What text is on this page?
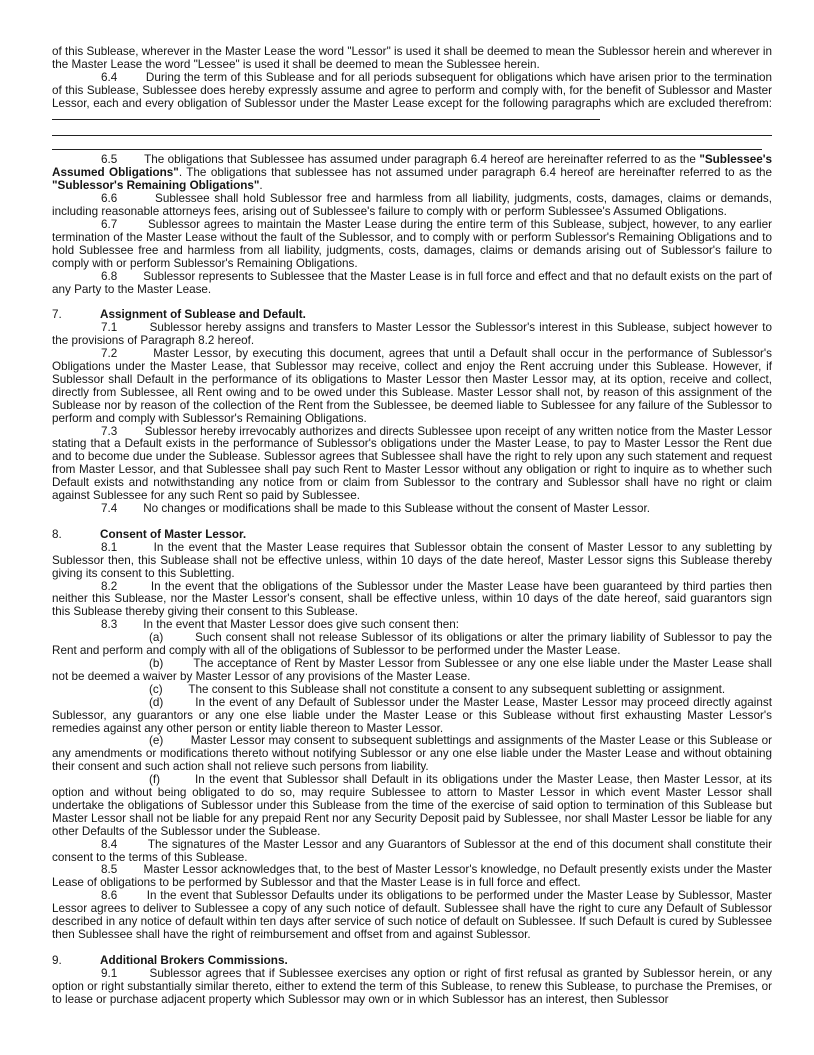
of this Sublease, wherever in the Master Lease the word "Lessor" is used it shall be deemed to mean the Sublessor herein and wherever in the Master Lease the word "Lessee" is used it shall be deemed to mean the Sublessee herein.

6.4 During the term of this Sublease and for all periods subsequent for obligations which have arisen prior to the termination of this Sublease, Sublessee does hereby expressly assume and agree to perform and comply with, for the benefit of Sublessor and Master Lessor, each and every obligation of Sublessor under the Master Lease except for the following paragraphs which are excluded therefrom:

6.5 The obligations that Sublessee has assumed under paragraph 6.4 hereof are hereinafter referred to as the "Sublessee's Assumed Obligations". The obligations that sublessee has not assumed under paragraph 6.4 hereof are hereinafter referred to as the "Sublessor's Remaining Obligations".

6.6	Sublessee shall hold Sublessor free and harmless from all liability, judgments, costs, damages, claims or demands, including reasonable attorneys fees, arising out of Sublessee's failure to comply with or perform Sublessee's Assumed Obligations.

6.7	Sublessor agrees to maintain the Master Lease during the entire term of this Sublease, subject, however, to any earlier termination of the Master Lease without the fault of the Sublessor, and to comply with or perform Sublessor's Remaining Obligations and to hold Sublessee free and harmless from all liability, judgments, costs, damages, claims or demands arising out of Sublessor's failure to comply with or perform Sublessor's Remaining Obligations.

6.8 Sublessor represents to Sublessee that the Master Lease is in full force and effect and that no default exists on the part of any Party to the Master Lease.

7.	Assignment of Sublease and Default.

7.1	Sublessor hereby assigns and transfers to Master Lessor the Sublessor's interest in this Sublease, subject however to the provisions of Paragraph 8.2 hereof.

7.2	Master Lessor, by executing this document, agrees that until a Default shall occur in the performance of Sublessor's Obligations under the Master Lease, that Sublessor may receive, collect and enjoy the Rent accruing under this Sublease. However, if Sublessor shall Default in the performance of its obligations to Master Lessor then Master Lessor may, at its option, receive and collect, directly from Sublessee, all Rent owing and to be owed under this Sublease. Master Lessor shall not, by reason of this assignment of the Sublease nor by reason of the collection of the Rent from the Sublessee, be deemed liable to Sublessee for any failure of the Sublessor to perform and comply with Sublessor's Remaining Obligations.

7.3 Sublessor hereby irrevocably authorizes and directs Sublessee upon receipt of any written notice from the Master Lessor stating that a Default exists in the performance of Sublessor's obligations under the Master Lease, to pay to Master Lessor the Rent due and to become due under the Sublease. Sublessor agrees that Sublessee shall have the right to rely upon any such statement and request from Master Lessor, and that Sublessee shall pay such Rent to Master Lessor without any obligation or right to inquire as to whether such Default exists and notwithstanding any notice from or claim from Sublessor to the contrary and Sublessor shall have no right or claim against Sublessee for any such Rent so paid by Sublessee.

7.4 No changes or modifications shall be made to this Sublease without the consent of Master Lessor.

8.	Consent of Master Lessor.

8.1	In the event that the Master Lease requires that Sublessor obtain the consent of Master Lessor to any subletting by Sublessor then, this Sublease shall not be effective unless, within 10 days of the date hereof, Master Lessor signs this Sublease thereby giving its consent to this Subletting.

8.2	In the event that the obligations of the Sublessor under the Master Lease have been guaranteed by third parties then neither this Sublease, nor the Master Lessor's consent, shall be effective unless, within 10 days of the date hereof, said guarantors sign this Sublease thereby giving their consent to this Sublease.

8.3 In the event that Master Lessor does give such consent then:

(a)	Such consent shall not release Sublessor of its obligations or alter the primary liability of Sublessor to pay the Rent and perform and comply with all of the obligations of Sublessor to be performed under the Master Lease.

(b)	The acceptance of Rent by Master Lessor from Sublessee or any one else liable under the Master Lease shall not be deemed a waiver by Master Lessor of any provisions of the Master Lease.

(c) The consent to this Sublease shall not constitute a consent to any subsequent subletting or assignment.

(d)	In the event of any Default of Sublessor under the Master Lease, Master Lessor may proceed directly against Sublessor, any guarantors or any one else liable under the Master Lease or this Sublease without first exhausting Master Lessor's remedies against any other person or entity liable thereon to Master Lessor.

(e) Master Lessor may consent to subsequent sublettings and assignments of the Master Lease or this Sublease or any amendments or modifications thereto without notifying Sublessor or any one else liable under the Master Lease and without obtaining their consent and such action shall not relieve such persons from liability.

(f)	In the event that Sublessor shall Default in its obligations under the Master Lease, then Master Lessor, at its option and without being obligated to do so, may require Sublessee to attorn to Master Lessor in which event Master Lessor shall undertake the obligations of Sublessor under this Sublease from the time of the exercise of said option to termination of this Sublease but Master Lessor shall not be liable for any prepaid Rent nor any Security Deposit paid by Sublessee, nor shall Master Lessor be liable for any other Defaults of the Sublessor under the Sublease.

8.4	The signatures of the Master Lessor and any Guarantors of Sublessor at the end of this document shall constitute their consent to the terms of this Sublease.

8.5 Master Lessor acknowledges that, to the best of Master Lessor's knowledge, no Default presently exists under the Master Lease of obligations to be performed by Sublessor and that the Master Lease is in full force and effect.

8.6	In the event that Sublessor Defaults under its obligations to be performed under the Master Lease by Sublessor, Master Lessor agrees to deliver to Sublessee a copy of any such notice of default. Sublessee shall have the right to cure any Default of Sublessor described in any notice of default within ten days after service of such notice of default on Sublessee. If such Default is cured by Sublessee then Sublessee shall have the right of reimbursement and offset from and against Sublessor.

9.	Additional Brokers Commissions.

9.1	Sublessor agrees that if Sublessee exercises any option or right of first refusal as granted by Sublessor herein, or any option or right substantially similar thereto, either to extend the term of this Sublease, to renew this Sublease, to purchase the Premises, or to lease or purchase adjacent property which Sublessor may own or in which Sublessor has an interest, then Sublessor
